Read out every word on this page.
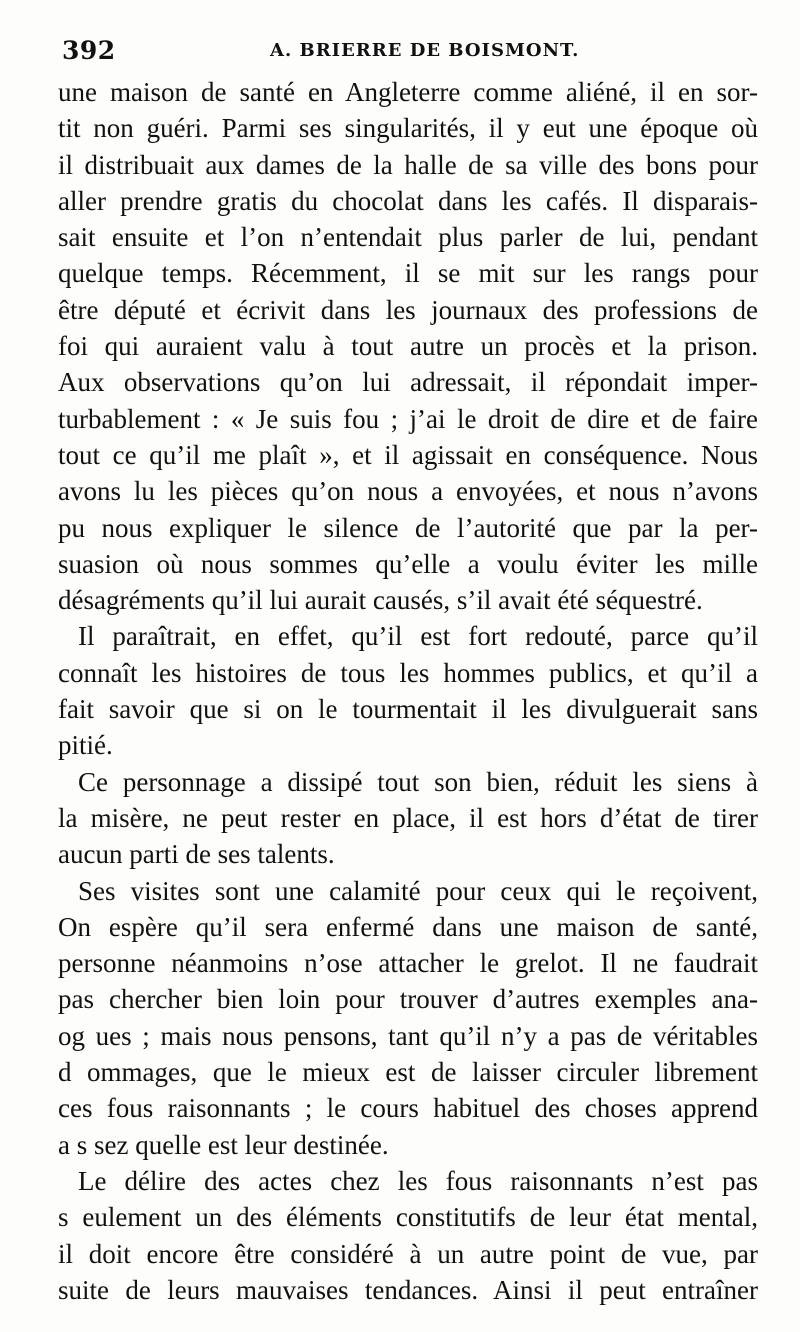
392	A. BRIERRE DE BOISMONT.
une maison de santé en Angleterre comme aliéné, il en sor-
tit non guéri. Parmi ses singularités, il y eut une époque où
il distribuait aux dames de la halle de sa ville des bons pour
aller prendre gratis du chocolat dans les cafés. Il disparais-
sait ensuite et l’on n’entendait plus parler de lui, pendant
quelque temps. Récemment, il se mit sur les rangs pour
être député et écrivit dans les journaux des professions de
foi qui auraient valu à tout autre un procès et la prison.
Aux observations qu’on lui adressait, il répondait imper-
turbablement : « Je suis fou ; j’ai le droit de dire et de faire
tout ce qu’il me plaît », et il agissait en conséquence. Nous
avons lu les pièces qu’on nous a envoyées, et nous n’avons
pu nous expliquer le silence de l’autorité que par la per-
suasion où nous sommes qu’elle a voulu éviter les mille
désagréments qu’il lui aurait causés, s’il avait été séquestré.
Il paraîtrait, en effet, qu’il est fort redouté, parce qu’il
connaît les histoires de tous les hommes publics, et qu’il a
fait savoir que si on le tourmentait il les divulguerait sans
pitié.
Ce personnage a dissipé tout son bien, réduit les siens à
la misère, ne peut rester en place, il est hors d’état de tirer
aucun parti de ses talents.
Ses visites sont une calamité pour ceux qui le reçoivent,
On espère qu’il sera enfermé dans une maison de santé,
personne néanmoins n’ose attacher le grelot. Il ne faudrait
pas chercher bien loin pour trouver d’autres exemples ana-
og ues ; mais nous pensons, tant qu’il n’y a pas de véritables
d ommages, que le mieux est de laisser circuler librement
ces fous raisonnants ; le cours habituel des choses apprend
a s sez quelle est leur destinée.
Le délire des actes chez les fous raisonnants n’est pas
s eulement un des éléments constitutifs de leur état mental,
il doit encore être considéré à un autre point de vue, par
suite de leurs mauvaises tendances. Ainsi il peut entraîner
